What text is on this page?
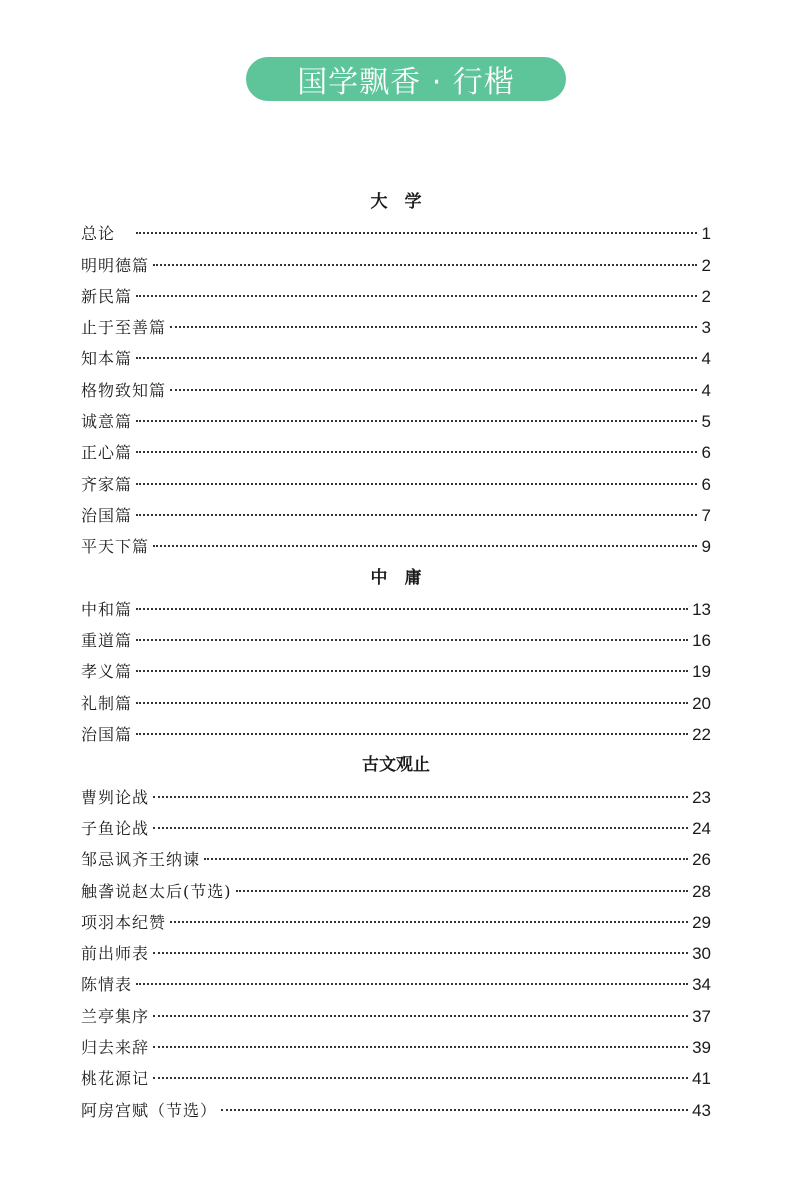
国学飘香 · 行楷
大　学
总论　	1
明明德篇	2
新民篇	2
止于至善篇	3
知本篇	4
格物致知篇	4
诚意篇	5
正心篇	6
齐家篇	6
治国篇	7
平天下篇	9
中　庸
中和篇	13
重道篇	16
孝义篇	19
礼制篇	20
治国篇	22
古文观止
曹刿论战	23
子鱼论战	24
邹忌讽齐王纳谏	26
触詟说赵太后(节选)	28
项羽本纪赞	29
前出师表	30
陈情表	34
兰亭集序	37
归去来辞	39
桃花源记	41
阿房宫赋（节选）	43
